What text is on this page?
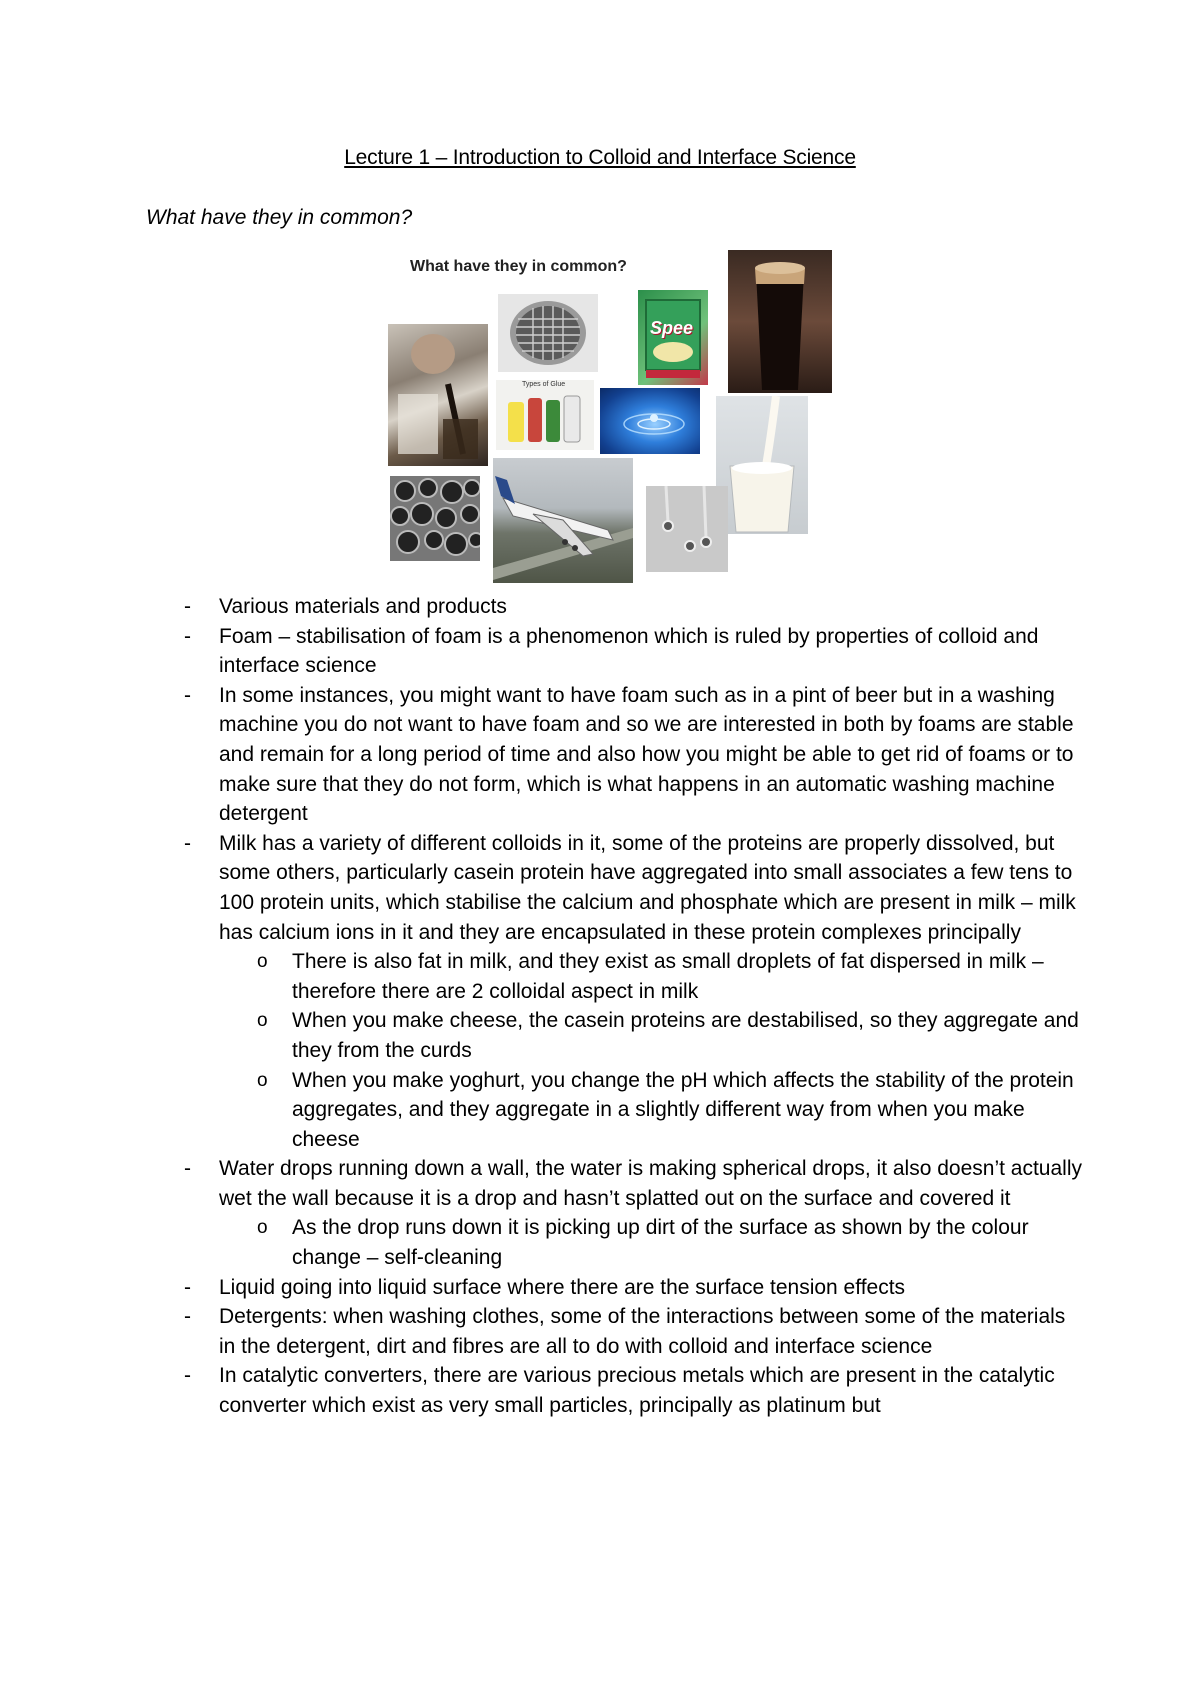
Lecture 1 – Introduction to Colloid and Interface Science
What have they in common?
What have they in common?
Spee
Types of Glue
- Various materials and products
- Foam – stabilisation of foam is a phenomenon which is ruled by properties of colloid and interface science
- In some instances, you might want to have foam such as in a pint of beer but in a washing machine you do not want to have foam and so we are interested in both by foams are stable and remain for a long period of time and also how you might be able to get rid of foams or to make sure that they do not form, which is what happens in an automatic washing machine detergent
- Milk has a variety of different colloids in it, some of the proteins are properly dissolved, but some others, particularly casein protein have aggregated into small associates a few tens to 100 protein units, which stabilise the calcium and phosphate which are present in milk – milk has calcium ions in it and they are encapsulated in these protein complexes principally
o There is also fat in milk, and they exist as small droplets of fat dispersed in milk – therefore there are 2 colloidal aspect in milk
o When you make cheese, the casein proteins are destabilised, so they aggregate and they from the curds
o When you make yoghurt, you change the pH which affects the stability of the protein aggregates, and they aggregate in a slightly different way from when you make cheese
- Water drops running down a wall, the water is making spherical drops, it also doesn’t actually wet the wall because it is a drop and hasn’t splatted out on the surface and covered it
o As the drop runs down it is picking up dirt of the surface as shown by the colour change – self-cleaning
- Liquid going into liquid surface where there are the surface tension effects
- Detergents: when washing clothes, some of the interactions between some of the materials in the detergent, dirt and fibres are all to do with colloid and interface science
- In catalytic converters, there are various precious metals which are present in the catalytic converter which exist as very small particles, principally as platinum but
